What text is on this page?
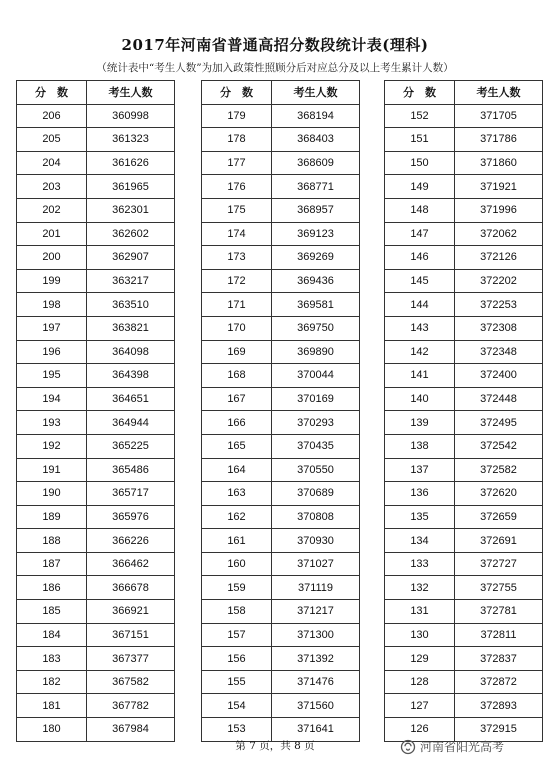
2017年河南省普通高招分数段统计表(理科)
（统计表中“考生人数”为加入政策性照顾分后对应总分及以上考生累计人数）
分　数	考生人数
206	360998
205	361323
204	361626
203	361965
202	362301
201	362602
200	362907
199	363217
198	363510
197	363821
196	364098
195	364398
194	364651
193	364944
192	365225
191	365486
190	365717
189	365976
188	366226
187	366462
186	366678
185	366921
184	367151
183	367377
182	367582
181	367782
180	367984
分　数	考生人数
179	368194
178	368403
177	368609
176	368771
175	368957
174	369123
173	369269
172	369436
171	369581
170	369750
169	369890
168	370044
167	370169
166	370293
165	370435
164	370550
163	370689
162	370808
161	370930
160	371027
159	371119
158	371217
157	371300
156	371392
155	371476
154	371560
153	371641
分　数	考生人数
152	371705
151	371786
150	371860
149	371921
148	371996
147	372062
146	372126
145	372202
144	372253
143	372308
142	372348
141	372400
140	372448
139	372495
138	372542
137	372582
136	372620
135	372659
134	372691
133	372727
132	372755
131	372781
130	372811
129	372837
128	372872
127	372893
126	372915
第 7 页，共 8 页	河南省阳光高考
